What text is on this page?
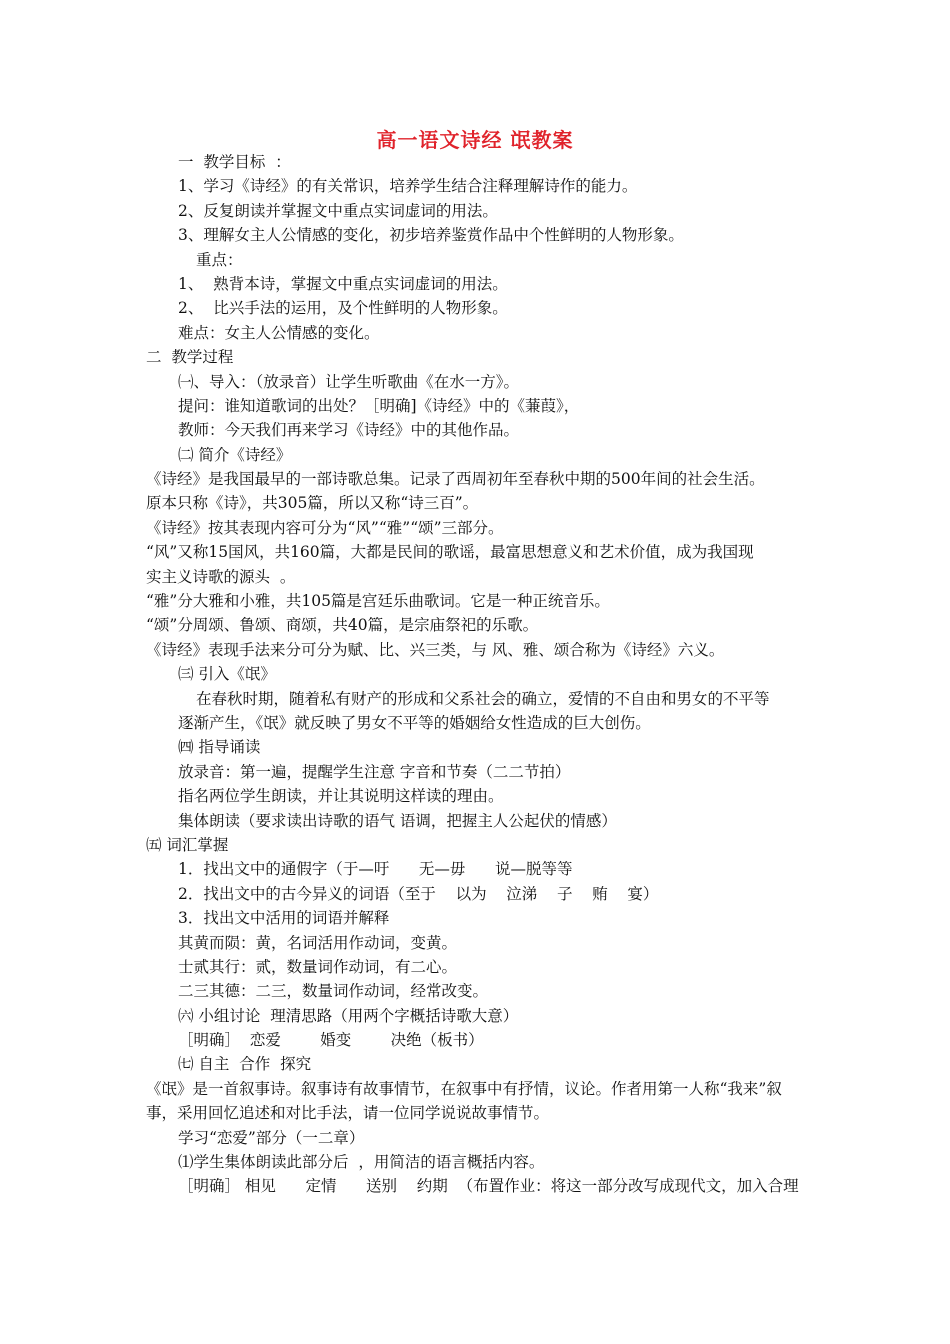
高一语文诗经 氓教案
一  教学目标  ：
1、学习《诗经》的有关常识，培养学生结合注释理解诗作的能力。
2、反复朗读并掌握文中重点实词虚词的用法。
3、理解女主人公情感的变化，初步培养鉴赏作品中个性鲜明的人物形象。
重点：
1、  熟背本诗，掌握文中重点实词虚词的用法。
2、  比兴手法的运用，及个性鲜明的人物形象。
难点：女主人公情感的变化。
二  教学过程
㈠、导入：（放录音）让学生听歌曲《在水一方》。
提问：谁知道歌词的出处？［明确]《诗经》中的《蒹葭》，
教师：今天我们再来学习《诗经》中的其他作品。
㈡ 简介《诗经》
《诗经》是我国最早的一部诗歌总集。记录了西周初年至春秋中期的500年间的社会生活。
原本只称《诗》，共305篇，所以又称“诗三百”。
《诗经》按其表现内容可分为“风”“雅”“颂”三部分。
“风”又称15国风，共160篇，大都是民间的歌谣，最富思想意义和艺术价值，成为我国现
实主义诗歌的源头  。
“雅”分大雅和小雅，共105篇是宫廷乐曲歌词。它是一种正统音乐。
“颂”分周颂、鲁颂、商颂，共40篇，是宗庙祭祀的乐歌。
《诗经》表现手法来分可分为赋、比、兴三类，与 风、雅、颂合称为《诗经》六义。
㈢ 引入《氓》
在春秋时期，随着私有财产的形成和父系社会的确立，爱情的不自由和男女的不平等
逐渐产生，《氓》就反映了男女不平等的婚姻给女性造成的巨大创伤。
㈣ 指导诵读
放录音：第一遍，提醒学生注意 字音和节奏（二二节拍）
指名两位学生朗读，并让其说明这样读的理由。
集体朗读（要求读出诗歌的语气 语调，把握主人公起伏的情感）
㈤ 词汇掌握
1．找出文中的通假字（于—吁      无—毋      说—脱等等
2．找出文中的古今异义的词语（至于    以为    泣涕    子    贿    宴）
3．找出文中活用的词语并解释
其黄而陨：黄，名词活用作动词，变黄。
士贰其行：贰，数量词作动词，有二心。
二三其德：二三，数量词作动词，经常改变。
㈥ 小组讨论  理清思路（用两个字概括诗歌大意）
［明确］  恋爱        婚变        决绝（板书）
㈦ 自主  合作  探究
《氓》是一首叙事诗。叙事诗有故事情节，在叙事中有抒情，议论。作者用第一人称“我来”叙
事，采用回忆追述和对比手法，请一位同学说说故事情节。
学习“恋爱”部分（一二章）
⑴学生集体朗读此部分后  ，用简洁的语言概括内容。
［明确］ 相见      定情      送别    约期  （布置作业：将这一部分改写成现代文，加入合理
